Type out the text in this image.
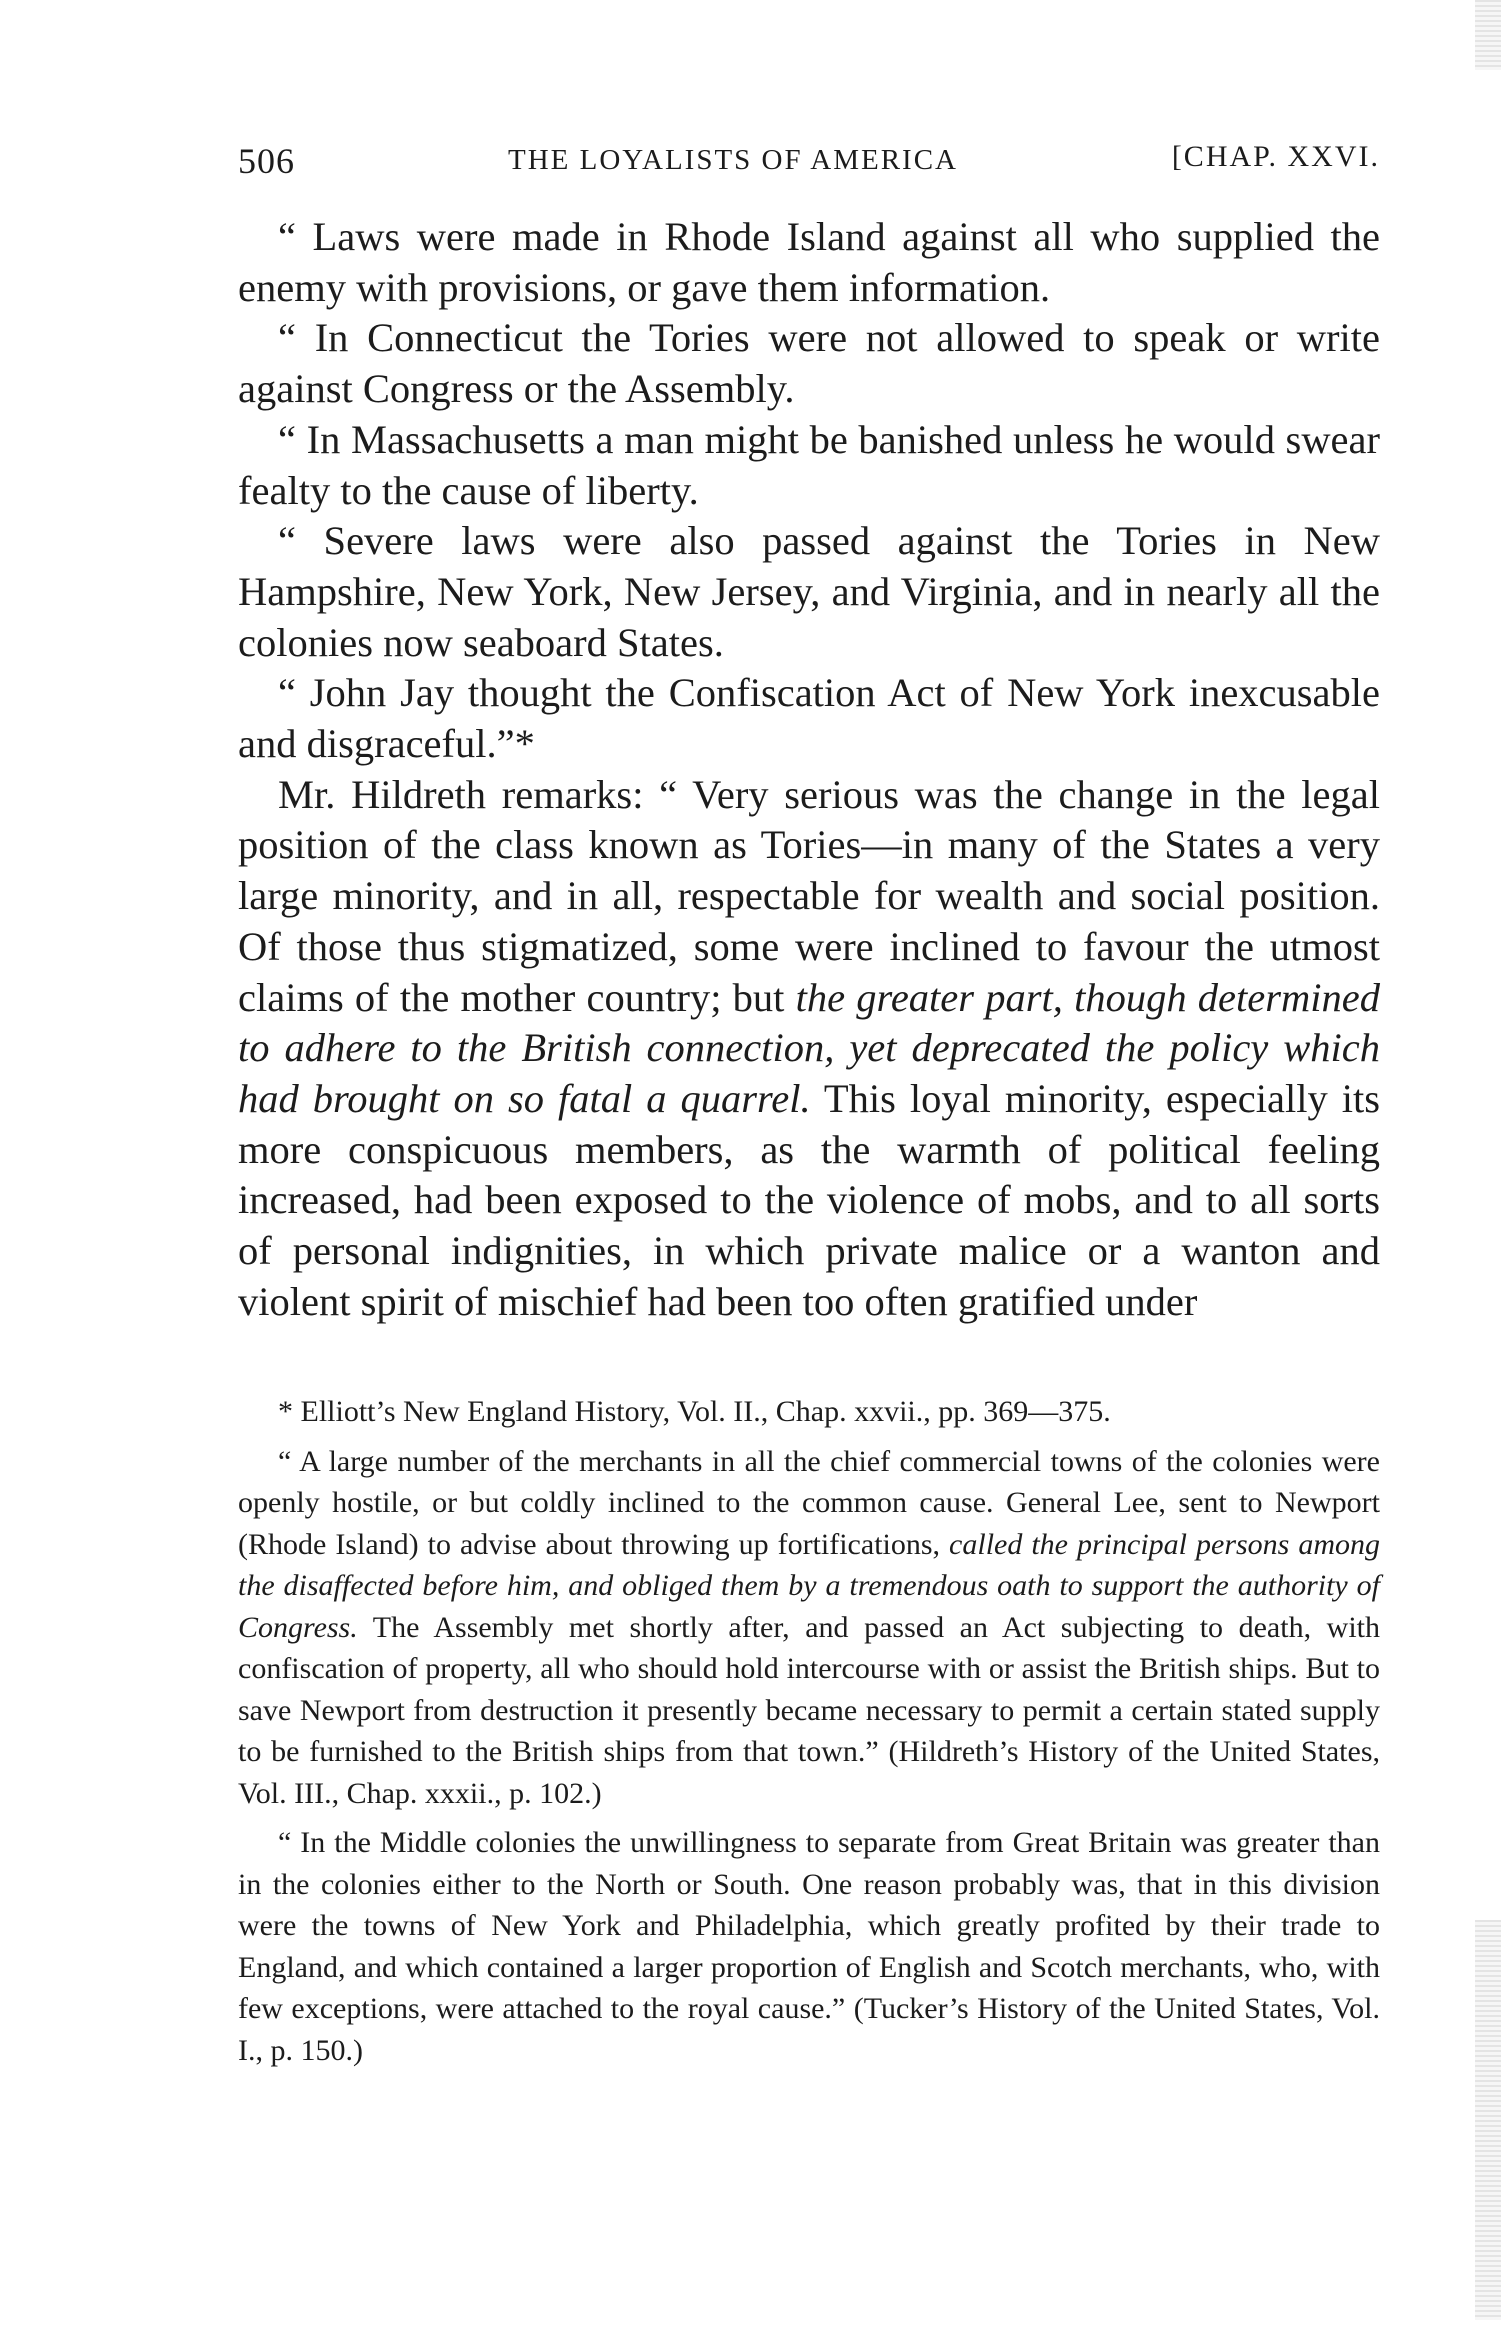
506	THE LOYALISTS OF AMERICA	[CHAP. XXVI.

“ Laws were made in Rhode Island against all who supplied the enemy with provisions, or gave them information.

“ In Connecticut the Tories were not allowed to speak or write against Congress or the Assembly.

“ In Massachusetts a man might be banished unless he would swear fealty to the cause of liberty.

“ Severe laws were also passed against the Tories in New Hampshire, New York, New Jersey, and Virginia, and in nearly all the colonies now seaboard States.

“ John Jay thought the Confiscation Act of New York inexcusable and disgraceful.”*

Mr. Hildreth remarks: “ Very serious was the change in the legal position of the class known as Tories—in many of the States a very large minority, and in all, respectable for wealth and social position. Of those thus stigmatized, some were inclined to favour the utmost claims of the mother country; but the greater part, though determined to adhere to the British connection, yet deprecated the policy which had brought on so fatal a quarrel. This loyal minority, especially its more conspicuous members, as the warmth of political feeling increased, had been exposed to the violence of mobs, and to all sorts of personal indignities, in which private malice or a wanton and violent spirit of mischief had been too often gratified under

* Elliott’s New England History, Vol. II., Chap. xxvii., pp. 369—375.

“ A large number of the merchants in all the chief commercial towns of the colonies were openly hostile, or but coldly inclined to the common cause. General Lee, sent to Newport (Rhode Island) to advise about throwing up fortifications, called the principal persons among the disaffected before him, and obliged them by a tremendous oath to support the authority of Congress. The Assembly met shortly after, and passed an Act subjecting to death, with confiscation of property, all who should hold intercourse with or assist the British ships. But to save Newport from destruction it presently became necessary to permit a certain stated supply to be furnished to the British ships from that town.” (Hildreth’s History of the United States, Vol. III., Chap. xxxii., p. 102.)

“ In the Middle colonies the unwillingness to separate from Great Britain was greater than in the colonies either to the North or South. One reason probably was, that in this division were the towns of New York and Philadelphia, which greatly profited by their trade to England, and which contained a larger proportion of English and Scotch merchants, who, with few exceptions, were attached to the royal cause.” (Tucker’s History of the United States, Vol. I., p. 150.)
